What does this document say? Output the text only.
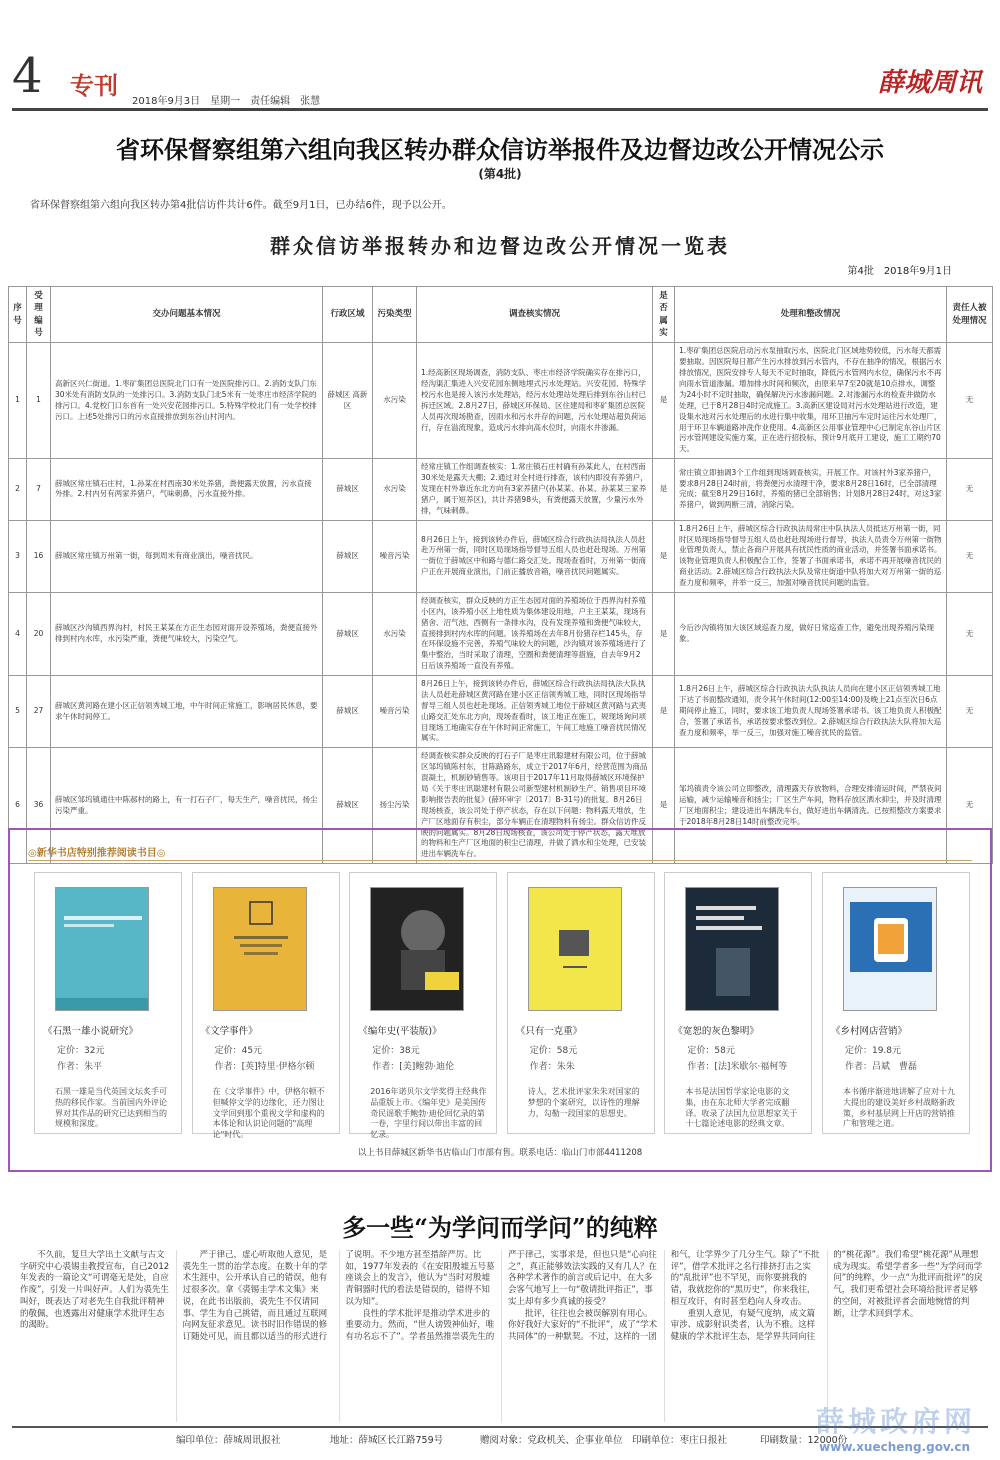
4 专刊
2018年9月3日　星期一　责任编辑　张慧
薛城周讯
省环保督察组第六组向我区转办群众信访举报件及边督边改公开情况公示
(第4批)
省环保督察组第六组向我区转办第4批信访件共计6件。截至9月1日，已办结6件，现予以公开。
群众信访举报转办和边督边改公开情况一览表
第4批　2018年9月1日
序号	受理编号	交办问题基本情况	行政区域	污染类型	调查核实情况	是否属实	处理和整改情况	责任人被处理情况
1	1	高新区兴仁街道。1.枣矿集团总医院北门口有一处医院排污口。2.消防支队门东30米处有消防支队的一处排污口。3.消防支队门北5米有一处枣庄市经济学院的排污口。4.党校门口东首有一处兴安花园排污口。5.特殊学校北门有一处学校排污口。上述5处排污口的污水直接排放到东谷山村河内。	薛城区 高新区	水污染	1.经高新区现场调查，消防支队、枣庄市经济学院确实存在排污口，经沟渠汇集进入兴安花园东侧地埋式污水处理站。兴安花园、特殊学校污水也是接入该污水处理站，经污水处理站处理后排到东谷山村已拆迁区域。2.8月27日，薛城区环保局、区住建局和枣矿集团总医院人员再次现场勘查，因雨水和污水并存的问题，污水处理站超负荷运行，存在溢流现象，造成污水排向高水位时，向雨水井渗漏。	是	1.枣矿集团总医院启动污水泵抽取污水，医院北门区域地势较低，污水每天都需要抽取。因医院每日都产生污水排放到污水管内，不存在抽净的情况，根据污水排放情况，医院安排专人每天不定时抽取，降低污水管网内水位，确保污水不再向雨水管道渗漏。增加排水时间和频次，由原来早7至20就是10点排水，调整为24小时不定时抽取，确保解决污水渗漏问题。2.对渗漏污水的检查井做防水处理，已于8月28日4时完成施工。3.高新区建设局对污水处理站进行改造，建设集水池对污水处理后的水进行集中收集，用环卫抽污车定时运往污水处理厂，用于环卫车辆道路冲洗作业使用。4.高新区公用事业管理中心已制定东谷山片区污水管网建设实施方案，正在进行招投标，预计9月底开工建设，施工工期约70天。	无
2	7	薛城区常庄镇石庄村，1.孙某在村西南30米处养猪，粪便露天放置，污水直接外排。2.村内另有两家养猪户，气味刺鼻，污水直接外排。	薛城区	水污染	经常庄镇工作组调查核实：1.常庄镇石庄村确有孙某此人，在村西南30米处是露天大棚；2.通过对全村进行排查，该村内即没有养猪户，发现在村外靠近东北方向有3家养猪户(孙某某、孙某、孙某某三家养猪户，属于短养区)，共计养猪98头，有粪便露天放置，少量污水外排，气味刺鼻。	是	常庄镇立即抽调3个工作组到现场调查核实，开展工作。对该村外3家养猪户，要求8月28日24时前，将粪便污水清理干净，要求8月28日16时，已全部清理完成；截至8月29日16时，养殖的猪已全部销售；计划8月28日24时，对这3家养猪户，做到两断三清，消除污染。	无
3	16	薛城区常庄镇万州第一街，每到周末有商业演出，噪音扰民。	薛城区	噪音污染	8月26日上午，接到该转办件后，薛城区综合行政执法局执法人员赶赴万州第一街，同时区局现场指导督导五组人员也赶赴现场。万州第一街位于薛城区中和路与德仁路交汇处。现场查看时，万州第一街商户正在开展商业演出，门前正播放音箱，噪音扰民问题属实。	是	1.8月26日上午，薛城区综合行政执法局常庄中队执法人员抵达万州第一街，同时区局现场指导督导五组人员也赶赴现场进行督导，执法人员责令万州第一街物业管理负责人，禁止各商户开展具有扰民性质的商业活动，并签署书面承诺书。该物业管理负责人积极配合工作，签署了书面承诺书，承诺不再开展噪音扰民的商业活动。2.薛城区综合行政执法大队及常庄街道中队将加大对万州第一街的巡查力度和频率，并举一反三，加强对噪音扰民问题的监管。	无
4	20	薛城区沙沟镇西界沟村，村民王某某在方正生态园对面开设养殖场，粪便直接外排到村内水库，水污染严重，粪便气味较大，污染空气。	薛城区	水污染	经调查核实，群众反映的方正生态园对面的养殖场位于西界沟村养殖小区内，该养殖小区上地性质为集体建设用地，户主王某某，现场有猪舍、沼气池，西侧有一条排水沟，没有发现养殖和粪便气味较大，直接排到村内水库的问题。该养殖场在去年8月份猪存栏145头，存在环保设施不完善，养殖气味较大的问题，沙沟镇对该养殖场进行了集中整治，当时采取了清理，空圈和粪便清理等措施，自去年9月2日后该养殖场一直没有养殖。	是	今后沙沟镇将加大该区域巡查力度，做好日常巡查工作，避免出现养殖污染现象。	无
5	27	薛城区黄河路在建小区正信领秀城工地，中午时间正常施工，影响居民休息，要求午休时间停工。	薛城区	噪音污染	8月26日上午，接到该转办件后，薛城区综合行政执法局执法大队执法人员赶赴薛城区黄河路在建小区正信领秀城工地，同时区现场指导督导三组人员也赶赴现场。正信领秀城工地位于薛城区黄河路与武夷山路交汇处东北方向，现场查看时，该工地正在施工，规现场询问项目现场工地确实存在午休时间正常施工，午间工地施工噪音扰民情况属实。	是	1.8月26日上午，薛城区综合行政执法大队执法人员向在建小区正信领秀城工地下达了书面整改通知，责令其午休时间(12:00至14:00)及晚上21点至次日6点期间停止施工，同时，要求该工地负责人现场签署承诺书。该工地负责人积极配合，签署了承诺书，承诺按要求整改到位。2.薛城区综合行政执法大队将加大巡查力度和频率，举一反三，加强对施工噪音扰民的监管。	无
6	36	薛城区邹坞镇通往中陈郝村的路上，有一打石子厂，每天生产，噪音扰民，扬尘污染严重。	薛城区	扬尘污染	经调查核实群众反映的打石子厂是枣庄讯聪建材有限公司，位于薛城区邹坞镇陈村东，甘陈路路东，成立于2017年6月，经营范围为商品混凝土，机制砂销售等。该项目于2017年11月取得薛城区环境保护局《关于枣庄讯聪建材有限公司新型建材机制砂生产、销售项目环境影响报告表的批复》(薛环审字〔2017〕B-31号)的批复。8月26日现场核查，该公司处于停产状态，存在以下问题：物料露天堆放，生产厂区地面存有积尘，部分车辆正在清理物料有扬尘。群众信访件反映的问题属实。8月28日现场核查，该公司处于停产状态，露天堆放的物料和生产厂区地面的积尘已清理，并做了洒水和尘处理，已安装进出车辆洗车台。	是	邹坞镇责令该公司立即整改，清理露天存放物料，合理安排清运时间，严禁夜间运输，减少运输噪音和扬尘；厂区生产车间，物料存放区洒水抑尘，并及时清理厂区地面积尘；建设进出车辆洗车台，做好进出车辆清洗。已按照整改方案要求于2018年8月28日14时前整改完毕。	无
◎新华书店特别推荐阅读书目◎
《石黑一雄小说研究》
定价：32元
作者：朱平
石黑一雄是当代英国文坛炙手可热的移民作家。当前国内外评论界对其作品的研究已达到相当的规模和深度。
《文学事件》
定价：45元
作者：[英]特里·伊格尔顿
在《文学事件》中，伊格尔顿不但喊停文学的边缘化，还力图让文学回到那个重视文学和虚构的本体论和认识论问题的"高理论"时代。
《编年史(平装版)》
定价：38元
作者：[美]鲍勃·迪伦
2016年诺贝尔文学奖得主经典作品重版上市。《编年史》是美国传奇民谣歌手鲍勃·迪伦回忆录的第一卷，字里行间以带出丰富的回忆录。
《只有一克重》
定价：58元
作者：朱朱
诗人、艺术批评家朱朱对国家的梦想的个案研究，以诗性的理解力，勾勒一段国家的思想史。
《宽恕的灰色黎明》
定价：58元
作者：[法]米歇尔·福柯等
本书是法国哲学家论电影的文集，由在东北师大学者完成翻译。收录了法国九位思想家关于十七篇论述电影的经典文章。
《乡村网店营销》
定价：19.8元
作者：吕斌　曹磊
本书循序渐进地讲解了应对十九大提出的建设美好乡村战略新政策，乡村基层网上开店的营销推广和管理之道。
以上书目薛城区新华书店临山门市部有售。联系电话：临山门市部4411208
多一些“为学问而学问”的纯粹

不久前，复旦大学出土文献与古文字研究中心裘锡圭教授宣布，自己2012年发表的一篇论文“可谓毫无是处，自应作废”，引发一片叫好声。人们为裘先生叫好，既表达了对老先生自我批评精神的敬佩，也透露出对健康学术批评生态的渴盼。

严于律己，虚心听取他人意见，是裘先生一贯的治学态度。在数十年的学术生涯中，公开承认自己的错误，他有过很多次。拿《裘锡圭学术文集》来说，在此书出版前，裘先生不仅请同事、学生为自己挑错，而且通过互联网向网友征求意见。读书时旧作错误的修订随处可见，而且都以适当的形式进行了说明。不少地方甚至措辞严厉。比如，1977年发表的《在安阳殷墟五号墓座谈会上的发言》，他认为“当时对殷墟青铜器时代的看法是错误的，错得不知以为知”。

良性的学术批评是推动学术进步的重要动力。然而，“世人谤毁神仙好，唯有功名忘不了”。学者虽然推崇裘先生的严于律己，实事求是，但也只是“心向往之”，真正能够效法实践的又有几人？在各种学术著作的前言或后记中，在大多会客气地写上一句“敬请批评指正”，事实上却有多少真诚的接受？

批评，往往也会被误解别有用心。你好我好大家好的“不批评”，成了“学术共同体”的一种默契。不过，这样的一团和气，让学界少了几分生气。除了“不批评”，借学术批评之名行排挤打击之实的“乱批评”也不罕见，而你要挑我的错，我就挖你的“黑历史”，你来我往，相互攻讦，有时甚至趋向人身攻击。

重别人意见，有疑气度纳，成文篇审涉、成影射识类者，认为不雅。这样健康的学术批评生态，是学界共同向往的“桃花源”。我们希望“桃花源”从理想成为现实。希望学者多一些“为学问而学问”的纯粹，少一点“为批评而批评”的戾气，我们更希望社会环境给批评者足够的空间，对被批评者会面地惋惜的判断，让学术回到学术。

编印单位：薛城周讯报社	地址：薛城区长江路759号	赠阅对象：党政机关、企事业单位 印刷单位：枣庄日报社	印刷数量：12000份
薛城政府网
www.xuecheng.gov.cn
